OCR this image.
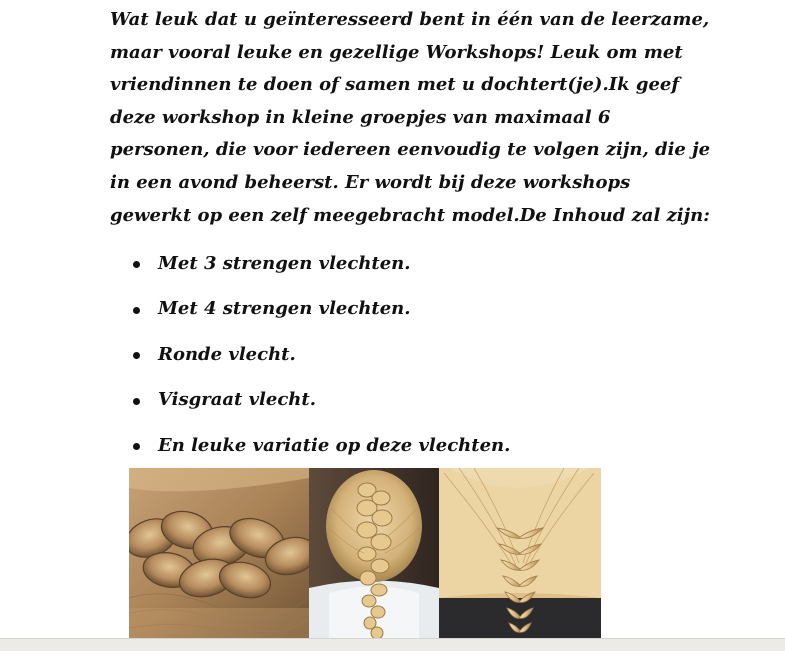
Wat leuk dat u geïnteresseerd bent in één van de leerzame,
maar vooral leuke en gezellige Workshops! Leuk om met
vriendinnen te doen of samen met u dochtert(je).Ik geef
deze workshop in kleine groepjes van maximaal 6
personen, die voor iedereen eenvoudig te volgen zijn, die je
in een avond beheerst. Er wordt bij deze workshops
gewerkt op een zelf meegebracht model.De Inhoud zal zijn:

Met 3 strengen vlechten.
Met 4 strengen vlechten.
Ronde vlecht.
Visgraat vlecht.
En leuke variatie op deze vlechten.
